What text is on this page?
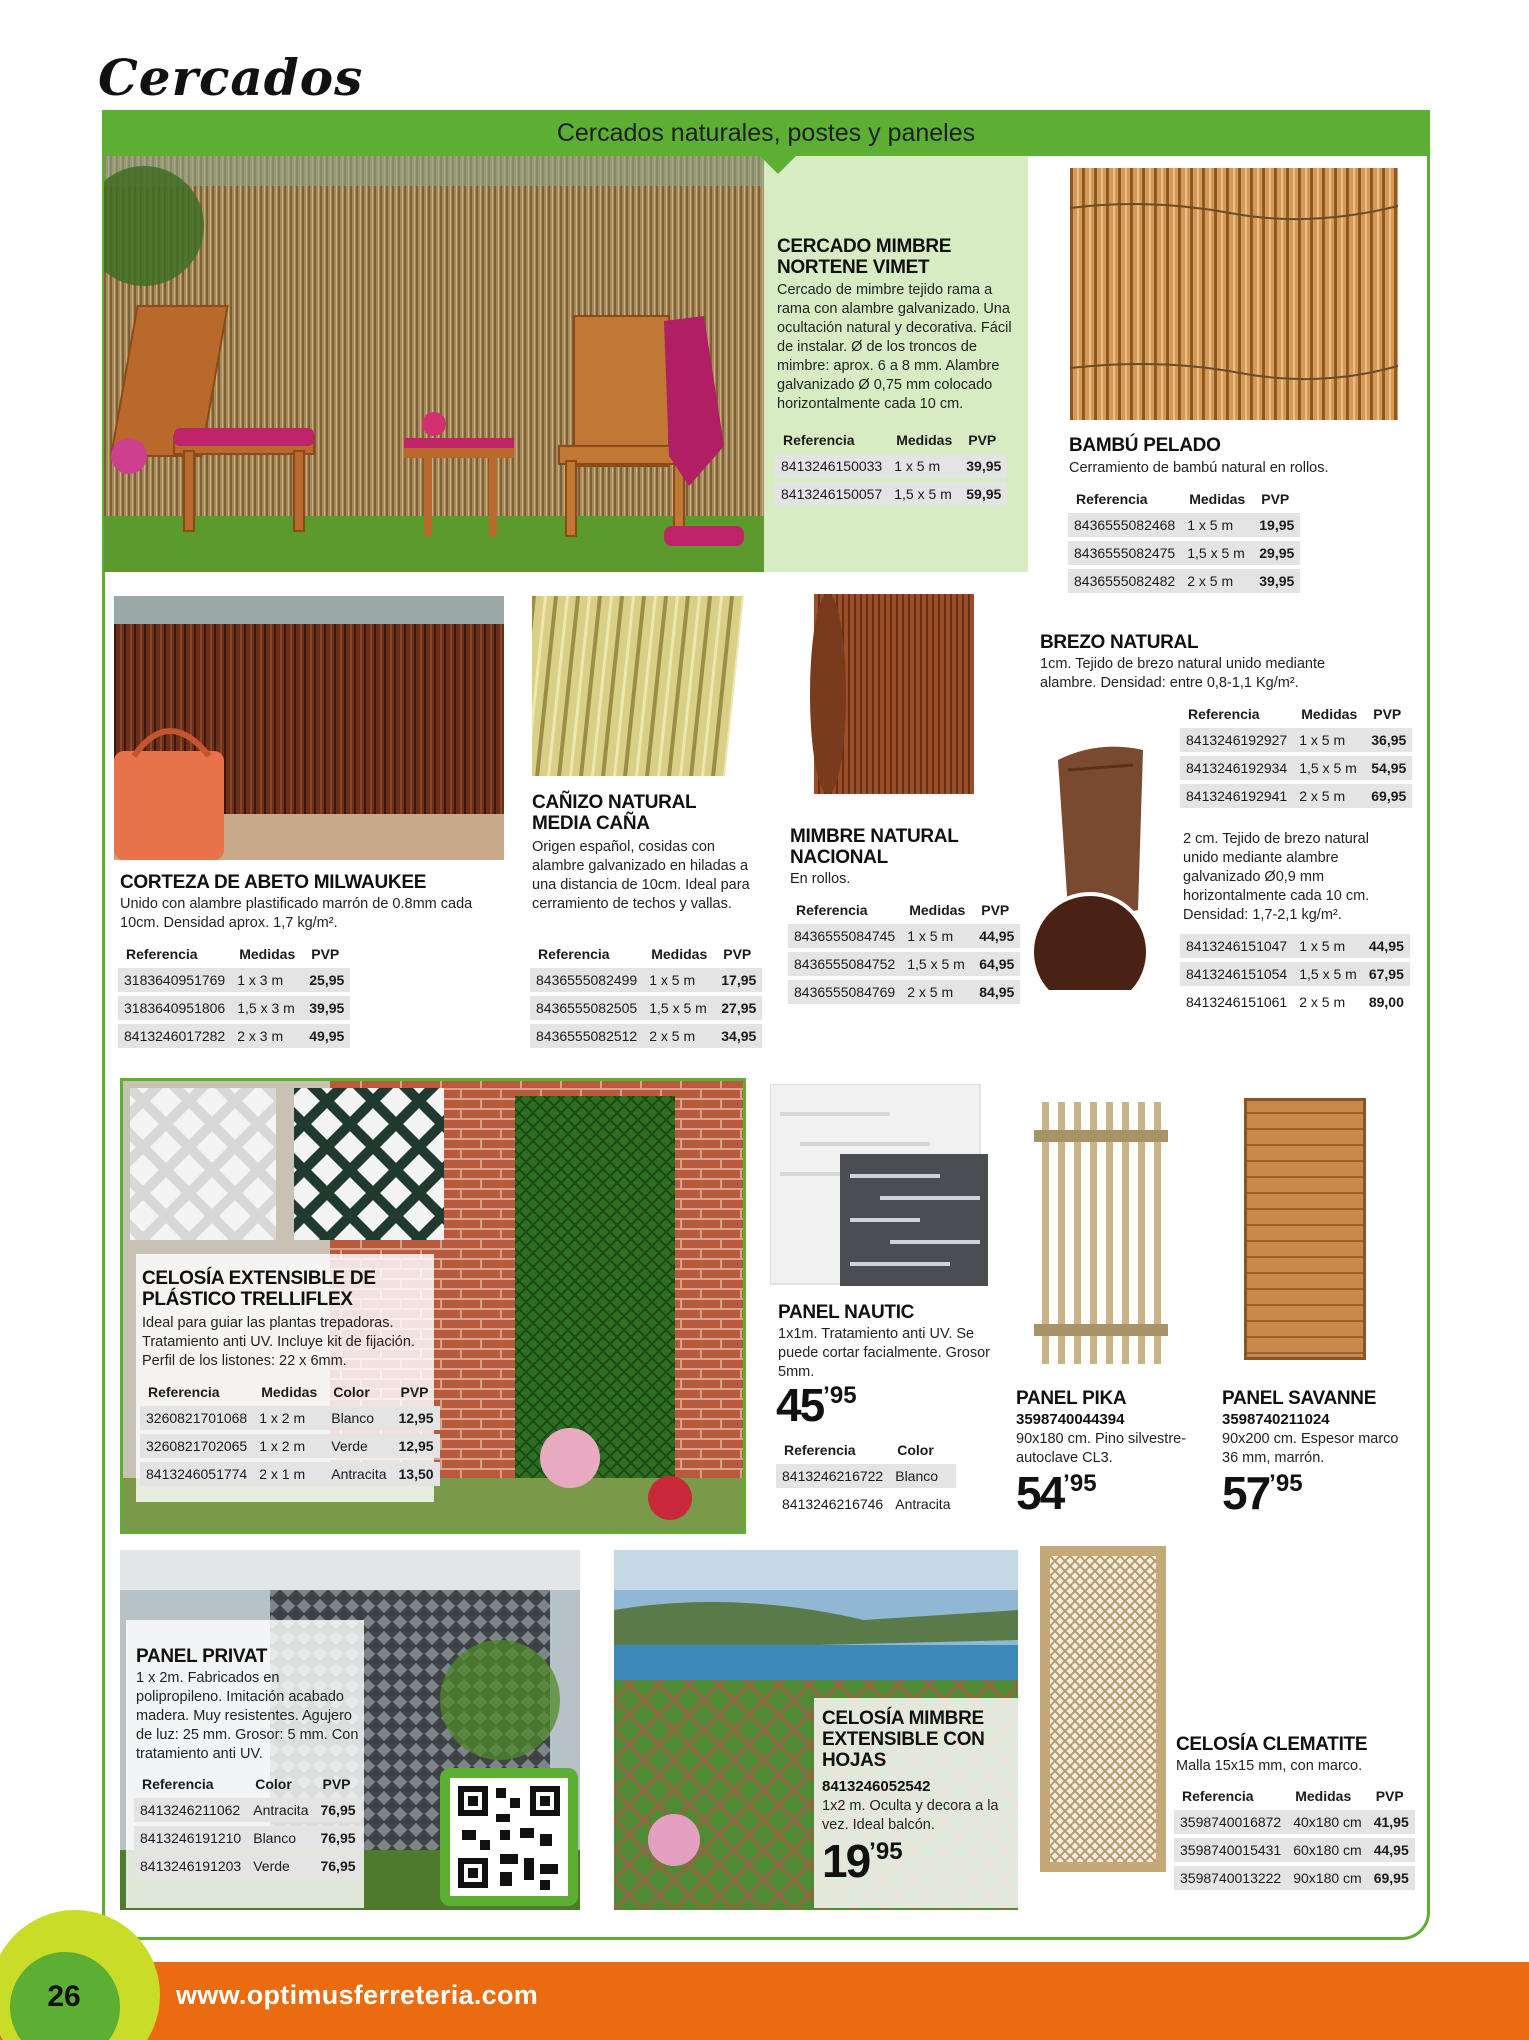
Cercados
Cercados naturales, postes y paneles
CERCADO MIMBRE NORTENE VIMET
Cercado de mimbre tejido rama a rama con alambre galvanizado. Una ocultación natural y decorativa. Fácil de instalar. Ø de los troncos de mimbre: aprox. 6 a 8 mm. Alambre galvanizado Ø 0,75 mm colocado horizontalmente cada 10 cm.
Referencia	Medidas	PVP
8413246150033	1 x 5 m	39,95
8413246150057	1,5 x 5 m	59,95
BAMBÚ PELADO
Cerramiento de bambú natural en rollos.
Referencia	Medidas	PVP
8436555082468	1 x 5 m	19,95
8436555082475	1,5 x 5 m	29,95
8436555082482	2 x 5 m	39,95
CORTEZA DE ABETO MILWAUKEE
Unido con alambre plastificado marrón de 0.8mm cada 10cm. Densidad aprox. 1,7 kg/m².
Referencia	Medidas	PVP
3183640951769	1 x 3 m	25,95
3183640951806	1,5 x 3 m	39,95
8413246017282	2 x 3 m	49,95
CAÑIZO NATURAL MEDIA CAÑA
Origen español, cosidas con alambre galvanizado en hiladas a una distancia de 10cm. Ideal para cerramiento de techos y vallas.
Referencia	Medidas	PVP
8436555082499	1 x 5 m	17,95
8436555082505	1,5 x 5 m	27,95
8436555082512	2 x 5 m	34,95
MIMBRE NATURAL NACIONAL
En rollos.
Referencia	Medidas	PVP
8436555084745	1 x 5 m	44,95
8436555084752	1,5 x 5 m	64,95
8436555084769	2 x 5 m	84,95
BREZO NATURAL
1cm. Tejido de brezo natural unido mediante alambre. Densidad: entre 0,8-1,1 Kg/m².
Referencia	Medidas	PVP
8413246192927	1 x 5 m	36,95
8413246192934	1,5 x 5 m	54,95
8413246192941	2 x 5 m	69,95
2 cm. Tejido de brezo natural unido mediante alambre galvanizado Ø0,9 mm horizontalmente cada 10 cm. Densidad: 1,7-2,1 kg/m².
8413246151047	1 x 5 m	44,95
8413246151054	1,5 x 5 m	67,95
8413246151061	2 x 5 m	89,00
CELOSÍA EXTENSIBLE DE PLÁSTICO TRELLIFLEX
Ideal para guiar las plantas trepadoras. Tratamiento anti UV. Incluye kit de fijación. Perfil de los listones: 22 x 6mm.
Referencia	Medidas	Color	PVP
3260821701068	1 x 2 m	Blanco	12,95
3260821702065	1 x 2 m	Verde	12,95
8413246051774	2 x 1 m	Antracita	13,50
PANEL NAUTIC
1x1m. Tratamiento anti UV. Se puede cortar facialmente. Grosor 5mm.
45’95
Referencia	Color
8413246216722	Blanco
8413246216746	Antracita
PANEL PIKA
3598740044394
90x180 cm. Pino silvestre-autoclave CL3.
54’95
PANEL SAVANNE
3598740211024
90x200 cm. Espesor marco 36 mm, marrón.
57’95
PANEL PRIVAT
1 x 2m. Fabricados en polipropileno. Imitación acabado madera. Muy resistentes. Agujero de luz: 25 mm. Grosor: 5 mm. Con tratamiento anti UV.
Referencia	Color	PVP
8413246211062	Antracita	76,95
8413246191210	Blanco	76,95
8413246191203	Verde	76,95
CELOSÍA MIMBRE EXTENSIBLE CON HOJAS
8413246052542
1x2 m. Oculta y decora a la vez. Ideal balcón.
19’95
CELOSÍA CLEMATITE
Malla 15x15 mm, con marco.
Referencia	Medidas	PVP
3598740016872	40x180 cm	41,95
3598740015431	60x180 cm	44,95
3598740013222	90x180 cm	69,95
26	www.optimusferreteria.com
